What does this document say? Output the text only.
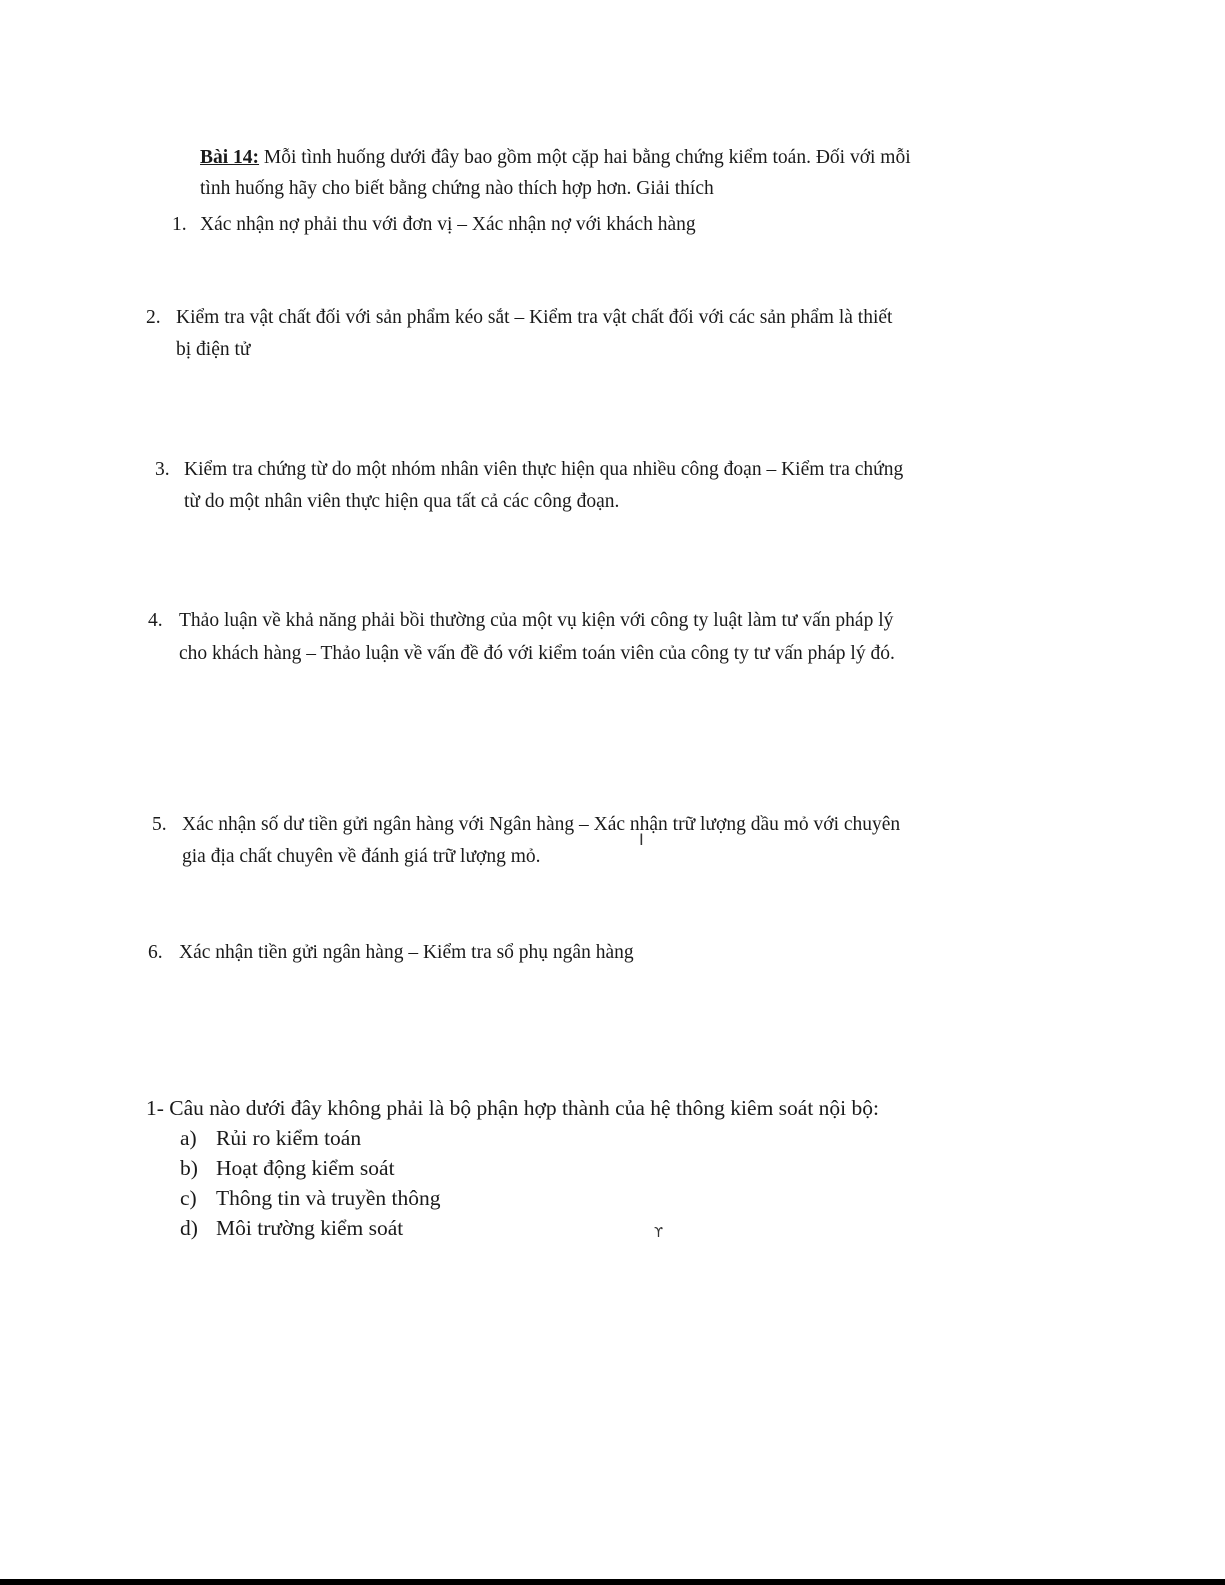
Bài 14: Mỗi tình huống dưới đây bao gồm một cặp hai bằng chứng kiểm toán. Đối với mỗi
tình huống hãy cho biết bằng chứng nào thích hợp hơn. Giải thích
1. Xác nhận nợ phải thu với đơn vị – Xác nhận nợ với khách hàng
2. Kiểm tra vật chất đối với sản phẩm kéo sắt – Kiểm tra vật chất đối với các sản phẩm là thiết
bị điện tử
3. Kiểm tra chứng từ do một nhóm nhân viên thực hiện qua nhiều công đoạn – Kiểm tra chứng
từ do một nhân viên thực hiện qua tất cả các công đoạn.
4. Thảo luận về khả năng phải bồi thường của một vụ kiện với công ty luật làm tư vấn pháp lý
cho khách hàng – Thảo luận về vấn đề đó với kiểm toán viên của công ty tư vấn pháp lý đó.
5. Xác nhận số dư tiền gửi ngân hàng với Ngân hàng – Xác nhận trữ lượng dầu mỏ với chuyên
gia địa chất chuyên về đánh giá trữ lượng mỏ.
I
6. Xác nhận tiền gửi ngân hàng – Kiểm tra sổ phụ ngân hàng
1- Câu nào dưới đây không phải là bộ phận hợp thành của hệ thông kiêm soát nội bộ:
a) Rủi ro kiểm toán
b) Hoạt động kiểm soát
c) Thông tin và truyền thông
d) Môi trường kiểm soát	ϒ
